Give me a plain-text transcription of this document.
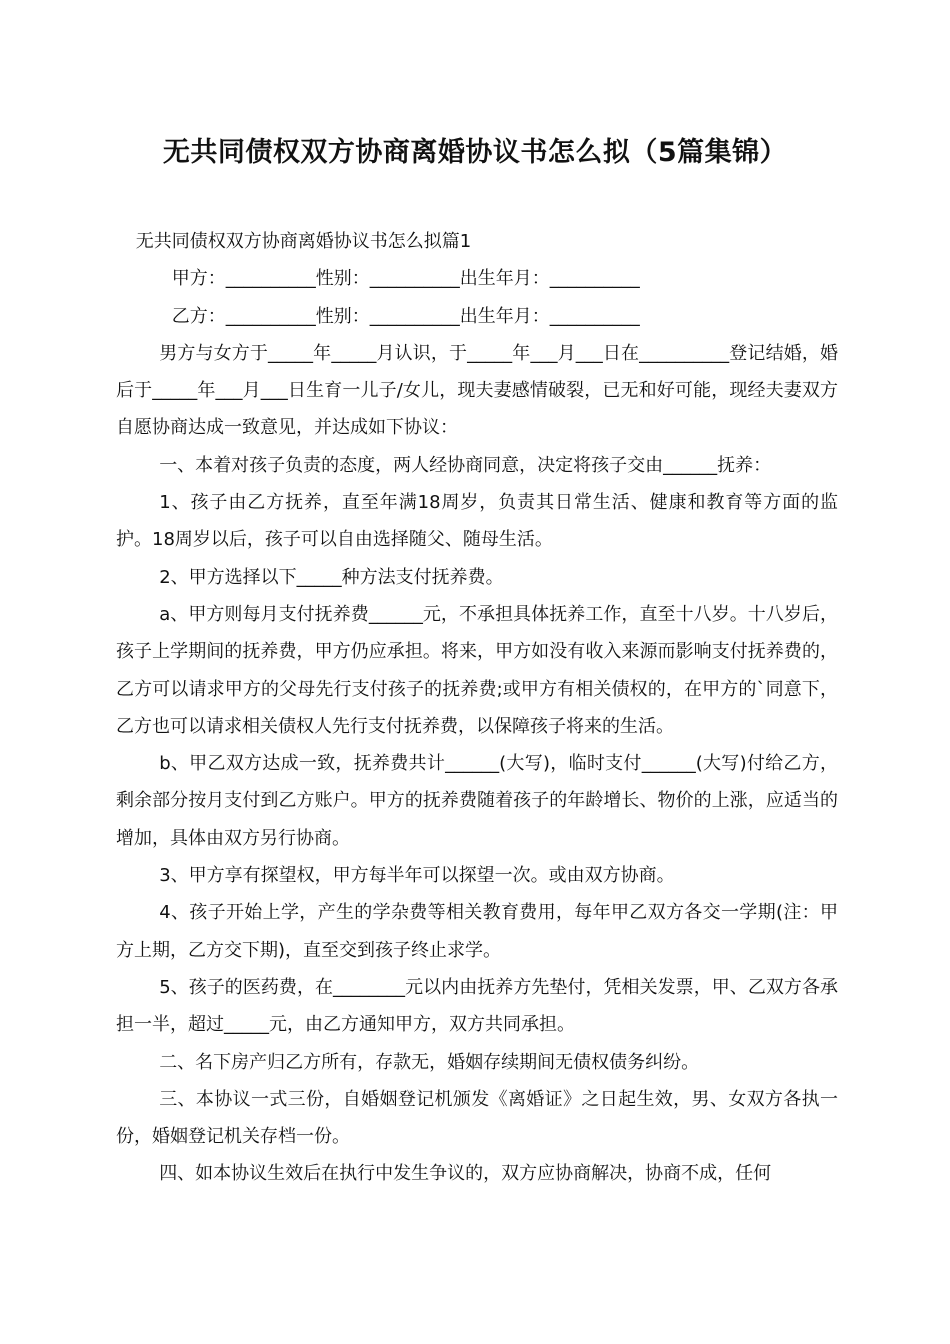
无共同债权双方协商离婚协议书怎么拟（5篇集锦）

无共同债权双方协商离婚协议书怎么拟篇1

甲方：__________性别：__________出生年月：__________

乙方：__________性别：__________出生年月：__________

男方与女方于_____年_____月认识，于_____年___月___日在__________登记结婚，婚后于_____年___月___日生育一儿子/女儿，现夫妻感情破裂，已无和好可能，现经夫妻双方自愿协商达成一致意见，并达成如下协议：

一、本着对孩子负责的态度，两人经协商同意，决定将孩子交由______抚养：

1、孩子由乙方抚养，直至年满18周岁，负责其日常生活、健康和教育等方面的监护。18周岁以后，孩子可以自由选择随父、随母生活。

2、甲方选择以下_____种方法支付抚养费。

a、甲方则每月支付抚养费______元，不承担具体抚养工作，直至十八岁。十八岁后，孩子上学期间的抚养费，甲方仍应承担。将来，甲方如没有收入来源而影响支付抚养费的，乙方可以请求甲方的父母先行支付孩子的抚养费;或甲方有相关债权的，在甲方的`同意下，乙方也可以请求相关债权人先行支付抚养费，以保障孩子将来的生活。

b、甲乙双方达成一致，抚养费共计______(大写)，临时支付______(大写)付给乙方，剩余部分按月支付到乙方账户。甲方的抚养费随着孩子的年龄增长、物价的上涨，应适当的增加，具体由双方另行协商。

3、甲方享有探望权，甲方每半年可以探望一次。或由双方协商。

4、孩子开始上学，产生的学杂费等相关教育费用，每年甲乙双方各交一学期(注：甲方上期，乙方交下期)，直至交到孩子终止求学。

5、孩子的医药费，在________元以内由抚养方先垫付，凭相关发票，甲、乙双方各承担一半，超过_____元，由乙方通知甲方，双方共同承担。

二、名下房产归乙方所有，存款无，婚姻存续期间无债权债务纠纷。

三、本协议一式三份，自婚姻登记机颁发《离婚证》之日起生效，男、女双方各执一份，婚姻登记机关存档一份。

四、如本协议生效后在执行中发生争议的，双方应协商解决，协商不成，任何
